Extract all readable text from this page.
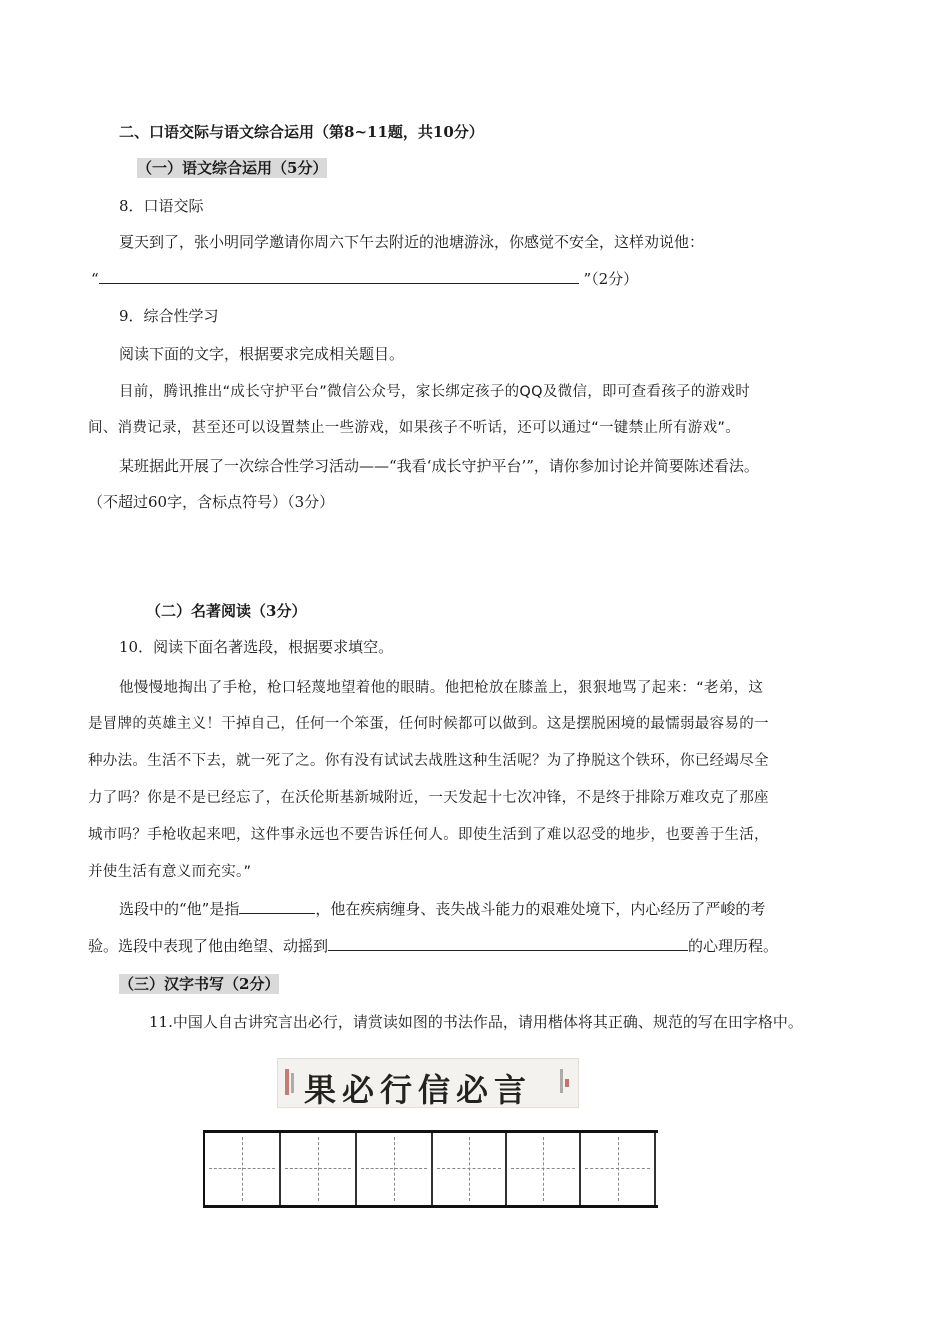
二、口语交际与语文综合运用（第8~11题，共10分）
（一）语文综合运用（5分）
8．口语交际
夏天到了，张小明同学邀请你周六下午去附近的池塘游泳，你感觉不安全，这样劝说他：
“	”（2分）
9．综合性学习
阅读下面的文字，根据要求完成相关题目。
目前，腾讯推出“成长守护平台”微信公众号，家长绑定孩子的QQ及微信，即可查看孩子的游戏时
间、消费记录，甚至还可以设置禁止一些游戏，如果孩子不听话，还可以通过“一键禁止所有游戏”。
某班据此开展了一次综合性学习活动——“我看‘成长守护平台’”，请你参加讨论并简要陈述看法。
（不超过60字，含标点符号）（3分）
（二）名著阅读（3分）
10．阅读下面名著选段，根据要求填空。
他慢慢地掏出了手枪，枪口轻蔑地望着他的眼睛。他把枪放在膝盖上，狠狠地骂了起来：“老弟，这
是冒牌的英雄主义！干掉自己，任何一个笨蛋，任何时候都可以做到。这是摆脱困境的最懦弱最容易的一
种办法。生活不下去，就一死了之。你有没有试试去战胜这种生活呢？为了挣脱这个铁环，你已经竭尽全
力了吗？你是不是已经忘了，在沃伦斯基新城附近，一天发起十七次冲锋，不是终于排除万难攻克了那座
城市吗？手枪收起来吧，这件事永远也不要告诉任何人。即使生活到了难以忍受的地步，也要善于生活，
并使生活有意义而充实。”
选段中的“他”是指	，他在疾病缠身、丧失战斗能力的艰难处境下，内心经历了严峻的考
验。选段中表现了他由绝望、动摇到	的心理历程。
（三）汉字书写（2分）
11.中国人自古讲究言出必行，请赏读如图的书法作品，请用楷体将其正确、规范的写在田字格中。
果必行信必言
